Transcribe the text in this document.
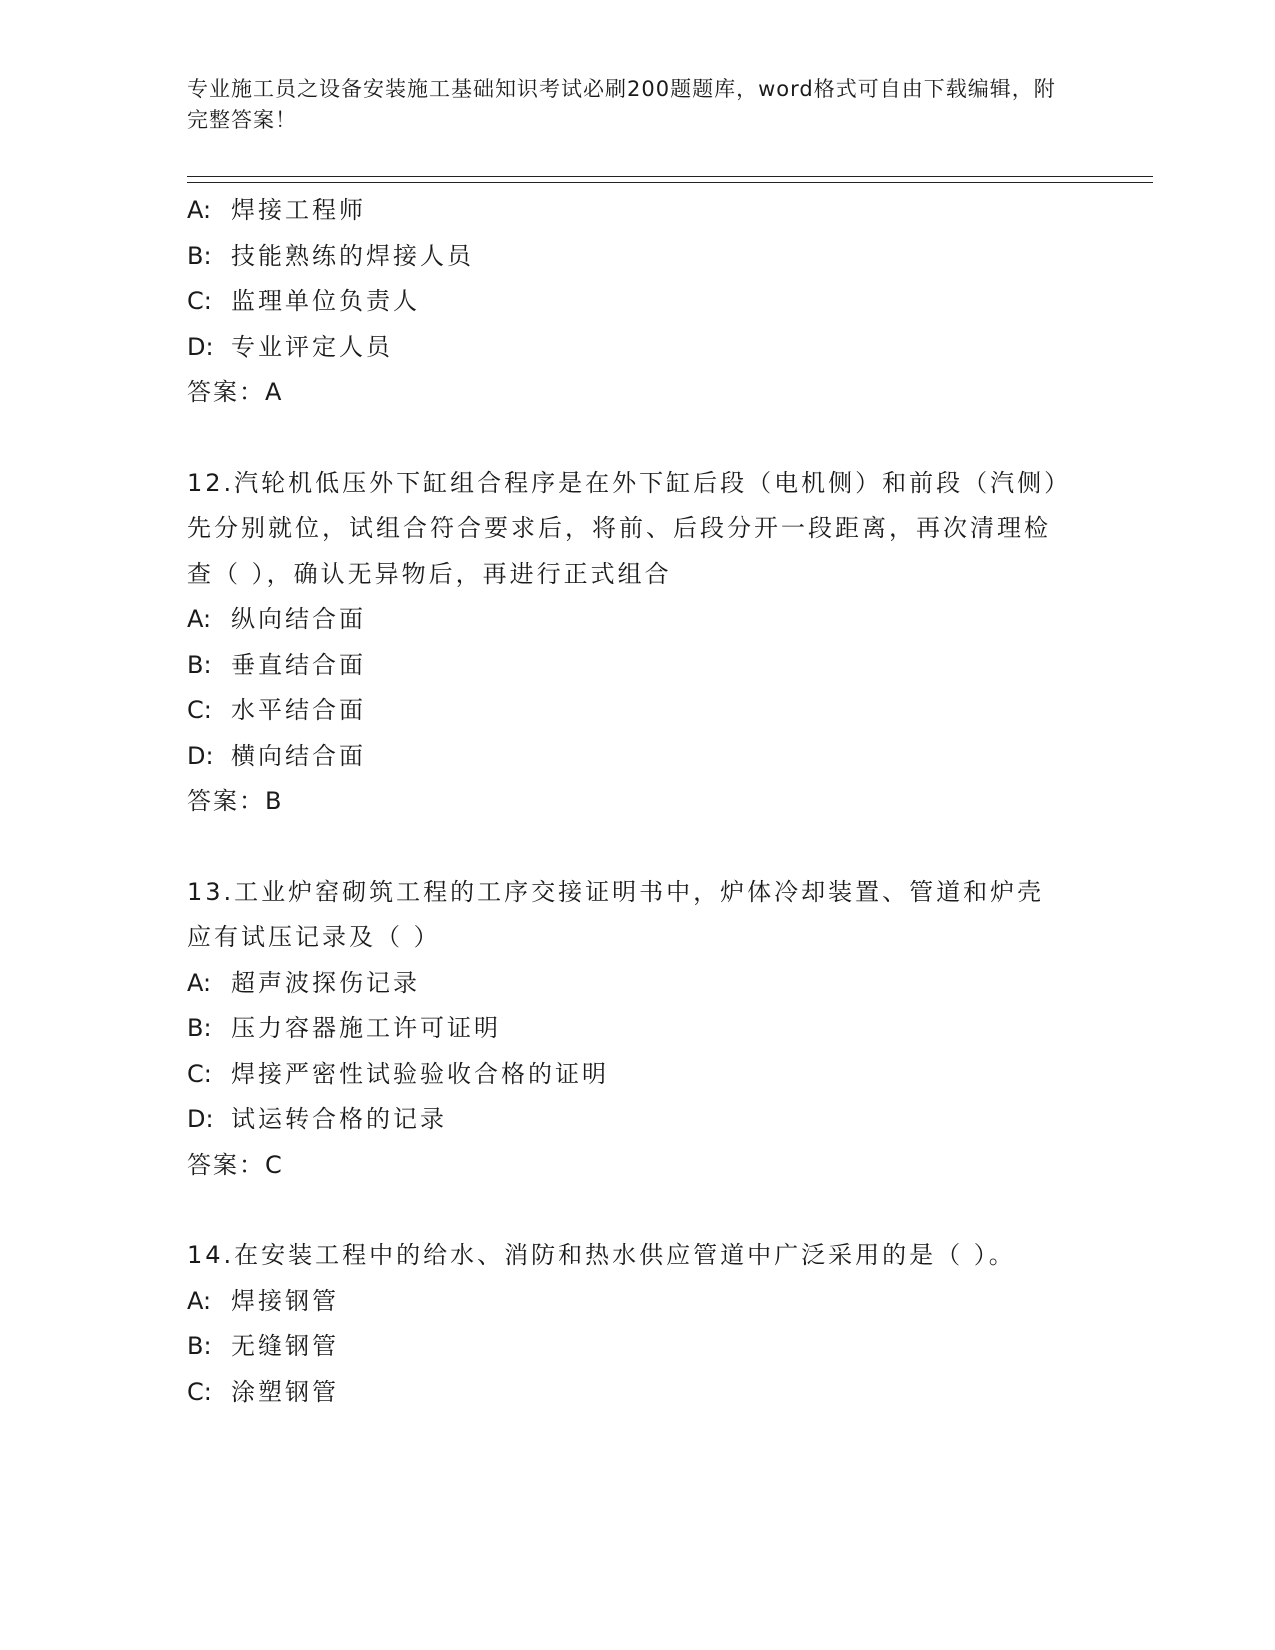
专业施工员之设备安装施工基础知识考试必刷200题题库，word格式可自由下载编辑，附完整答案！
A: 焊接工程师
B: 技能熟练的焊接人员
C: 监理单位负责人
D: 专业评定人员
答案：A
12.汽轮机低压外下缸组合程序是在外下缸后段（电机侧）和前段（汽侧）先分别就位，试组合符合要求后，将前、后段分开一段距离，再次清理检查（ ），确认无异物后，再进行正式组合
A: 纵向结合面
B: 垂直结合面
C: 水平结合面
D: 横向结合面
答案：B
13.工业炉窑砌筑工程的工序交接证明书中，炉体冷却装置、管道和炉壳应有试压记录及（ ）
A: 超声波探伤记录
B: 压力容器施工许可证明
C: 焊接严密性试验验收合格的证明
D: 试运转合格的记录
答案：C
14.在安装工程中的给水、消防和热水供应管道中广泛采用的是（ ）。
A: 焊接钢管
B: 无缝钢管
C: 涂塑钢管
